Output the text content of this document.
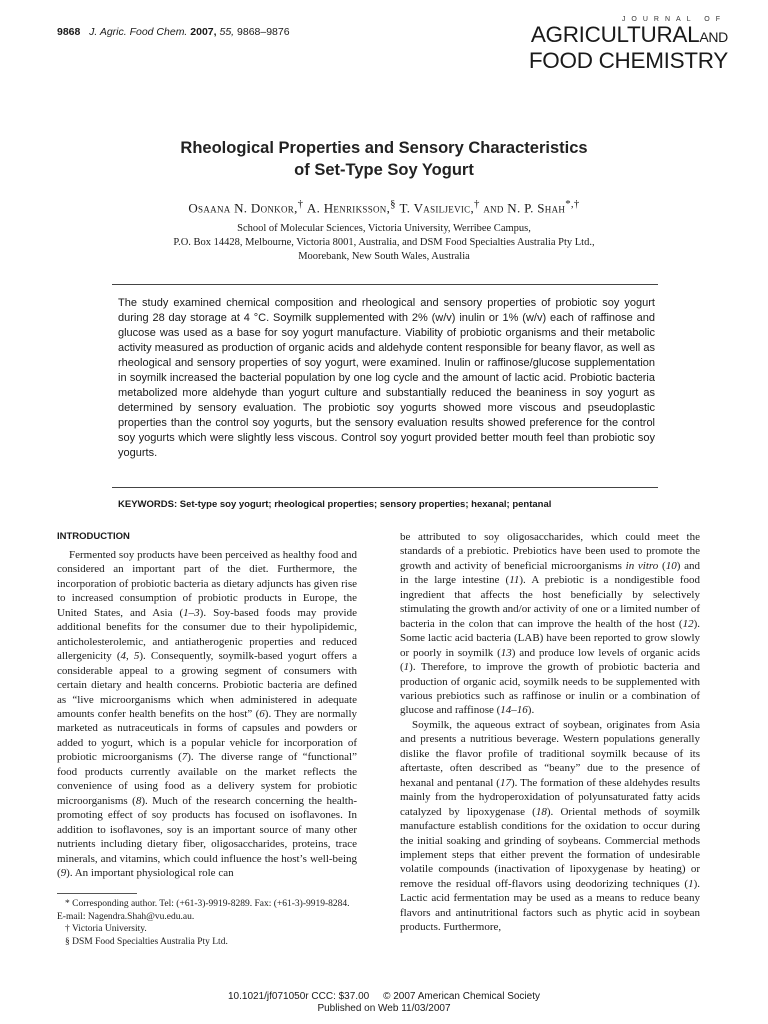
9868 J. Agric. Food Chem. 2007, 55, 9868–9876
JOURNAL OF
AGRICULTURALAND
FOOD CHEMISTRY
Rheological Properties and Sensory Characteristics
of Set-Type Soy Yogurt
Osaana N. Donkor,† A. Henriksson,§ T. Vasiljevic,† and N. P. Shah*,†
School of Molecular Sciences, Victoria University, Werribee Campus,
P.O. Box 14428, Melbourne, Victoria 8001, Australia, and DSM Food Specialties Australia Pty Ltd.,
Moorebank, New South Wales, Australia
The study examined chemical composition and rheological and sensory properties of probiotic soy yogurt during 28 day storage at 4 °C. Soymilk supplemented with 2% (w/v) inulin or 1% (w/v) each of raffinose and glucose was used as a base for soy yogurt manufacture. Viability of probiotic organisms and their metabolic activity measured as production of organic acids and aldehyde content responsible for beany flavor, as well as rheological and sensory properties of soy yogurt, were examined. Inulin or raffinose/glucose supplementation in soymilk increased the bacterial population by one log cycle and the amount of lactic acid. Probiotic bacteria metabolized more aldehyde than yogurt culture and substantially reduced the beaniness in soy yogurt as determined by sensory evaluation. The probiotic soy yogurts showed more viscous and pseudoplastic properties than the control soy yogurts, but the sensory evaluation results showed preference for the control soy yogurts which were slightly less viscous. Control soy yogurt provided better mouth feel than probiotic soy yogurts.
KEYWORDS: Set-type soy yogurt; rheological properties; sensory properties; hexanal; pentanal
INTRODUCTION

Fermented soy products have been perceived as healthy food and considered an important part of the diet. Furthermore, the incorporation of probiotic bacteria as dietary adjuncts has given rise to increased consumption of probiotic products in Europe, the United States, and Asia (1–3). Soy-based foods may provide additional benefits for the consumer due to their hypolipidemic, anticholesterolemic, and antiatherogenic properties and reduced allergenicity (4, 5). Consequently, soymilk-based yogurt offers a considerable appeal to a growing segment of consumers with certain dietary and health concerns. Probiotic bacteria are defined as “live microorganisms which when administered in adequate amounts confer health benefits on the host” (6). They are normally marketed as nutraceuticals in forms of capsules and powders or added to yogurt, which is a popular vehicle for incorporation of probiotic microorganisms (7). The diverse range of “functional” food products currently available on the market reflects the convenience of using food as a delivery system for probiotic microorganisms (8). Much of the research concerning the health-promoting effect of soy products has focused on isoflavones. In addition to isoflavones, soy is an important source of many other nutrients including dietary fiber, oligosaccharides, proteins, trace minerals, and vitamins, which could influence the host’s well-being (9). An important physiological role can

be attributed to soy oligosaccharides, which could meet the standards of a prebiotic. Prebiotics have been used to promote the growth and activity of beneficial microorganisms in vitro (10) and in the large intestine (11). A prebiotic is a nondigestible food ingredient that affects the host beneficially by selectively stimulating the growth and/or activity of one or a limited number of bacteria in the colon that can improve the health of the host (12). Some lactic acid bacteria (LAB) have been reported to grow slowly or poorly in soymilk (13) and produce low levels of organic acids (1). Therefore, to improve the growth of probiotic bacteria and production of organic acid, soymilk needs to be supplemented with various prebiotics such as raffinose or inulin or a combination of glucose and raffinose (14–16).

Soymilk, the aqueous extract of soybean, originates from Asia and presents a nutritious beverage. Western populations generally dislike the flavor profile of traditional soymilk because of its aftertaste, often described as “beany” due to the presence of hexanal and pentanal (17). The formation of these aldehydes results mainly from the hydroperoxidation of polyunsaturated fatty acids catalyzed by lipoxygenase (18). Oriental methods of soymilk manufacture establish conditions for the oxidation to occur during the initial soaking and grinding of soybeans. Commercial methods implement steps that either prevent the formation of undesirable volatile compounds (inactivation of lipoxygenase by heating) or remove the residual off-flavors using deodorizing techniques (1). Lactic acid fermentation may be used as a means to reduce beany flavors and antinutritional factors such as phytic acid in soybean products. Furthermore,

* Corresponding author. Tel: (+61-3)-9919-8289. Fax: (+61-3)-9919-8284. E-mail: Nagendra.Shah@vu.edu.au.
† Victoria University.
§ DSM Food Specialties Australia Pty Ltd.
10.1021/jf071050r CCC: $37.00     © 2007 American Chemical Society
Published on Web 11/03/2007
